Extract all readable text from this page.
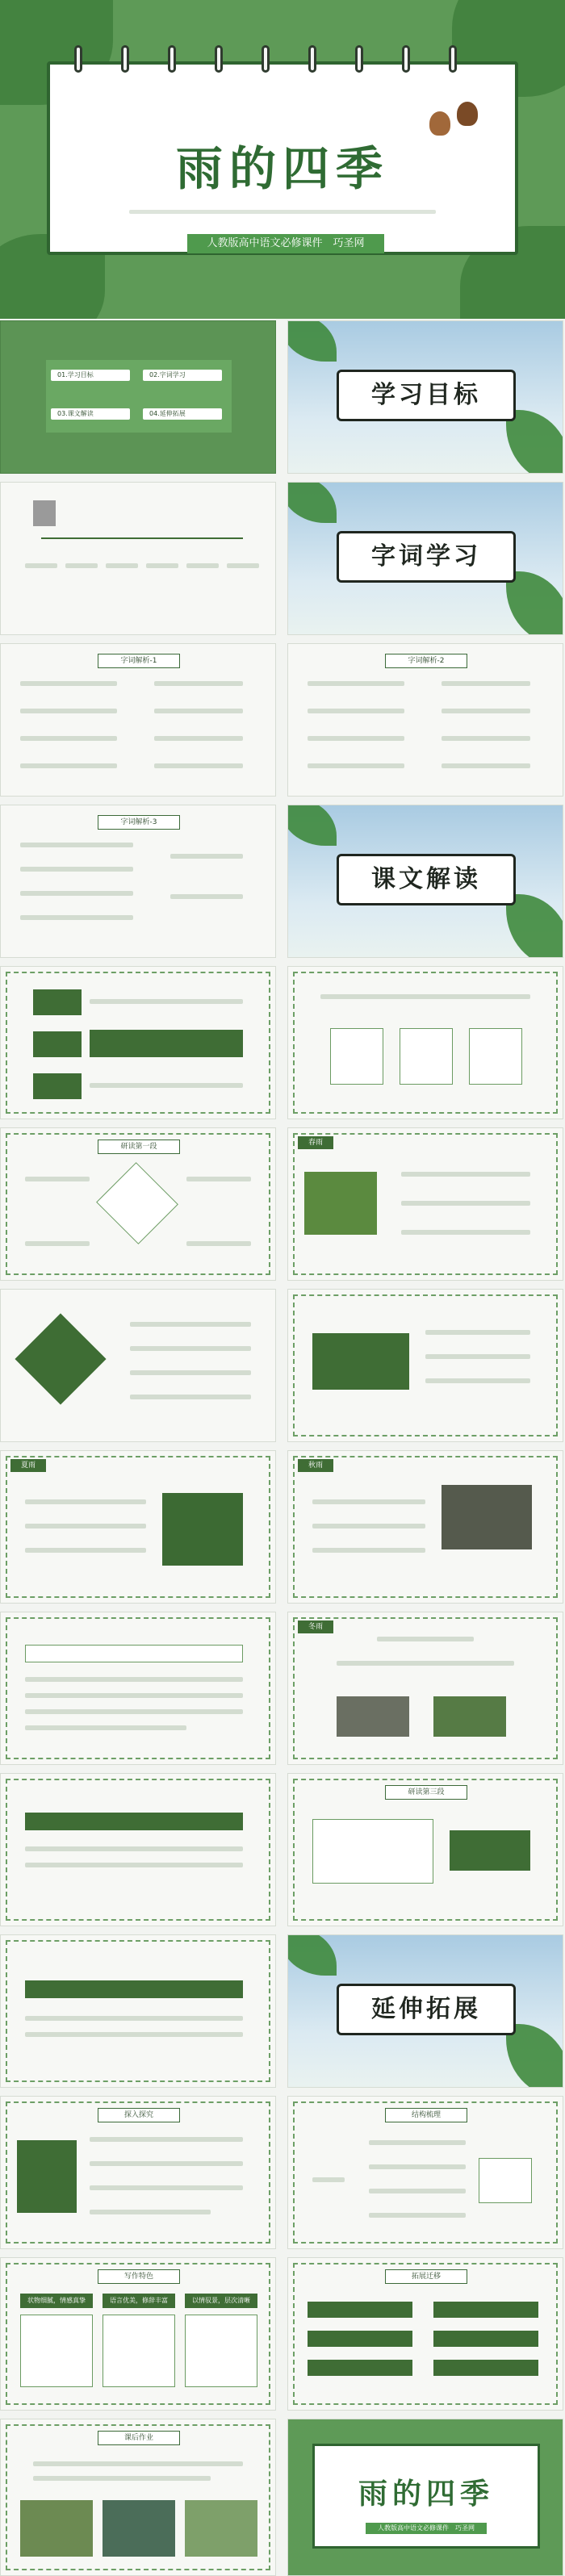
雨的四季
人教版高中语文必修课件　巧圣网
01.学习目标	02.字词学习
03.课文解读	04.延伸拓展
学习目标
字词学习
字词解析-1	字词解析-2
字词解析-3
课文解读
研读第一段	春雨
夏雨	秋雨
冬雨
研读第三段
延伸拓展
探入探究	结构梳理
写作特色
状物细腻，情感真挚	语言优美，修辞丰富	以情驭景，层次清晰
拓展迁移
课后作业
雨的四季
人教版高中语文必修课件　巧圣网
